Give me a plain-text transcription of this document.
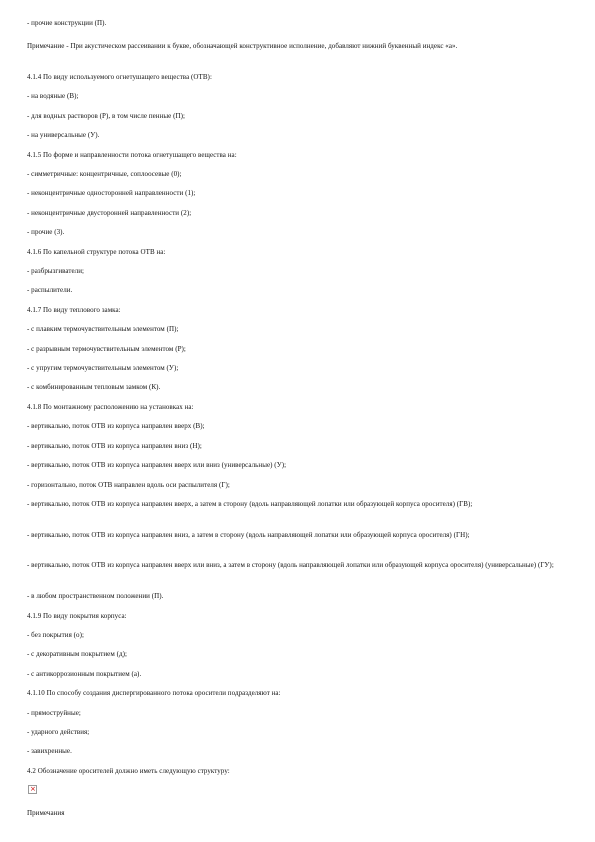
- прочие конструкции (П).
Примечание - При акустическом рассеивании к букве, обозначающей конструктивное исполнение, добавляют нижний буквенный индекс «а».
4.1.4 По виду используемого огнетушащего вещества (ОТВ):
- на водяные (В);
- для водных растворов (Р), в том числе пенные (П);
- на универсальные (У).
4.1.5 По форме и направленности потока огнетушащего вещества на:
- симметричные: концентричные, соплоосевые (0);
- неконцентричные односторонней направленности (1);
- неконцентричные двусторонней направленности (2);
- прочие (3).
4.1.6 По капельной структуре потока ОТВ на:
- разбрызгиватели;
- распылители.
4.1.7 По виду теплового замка:
- с плавким термочувствительным элементом (П);
- с разрывным термочувствительным элементом (Р);
- с упругим термочувствительным элементом (У);
- с комбинированным тепловым замком (К).
4.1.8 По монтажному расположению на установках на:
- вертикально, поток ОТВ из корпуса направлен вверх (В);
- вертикально, поток ОТВ из корпуса направлен вниз (Н);
- вертикально, поток ОТВ из корпуса направлен вверх или вниз (универсальные) (У);
- горизонтально, поток ОТВ направлен вдоль оси распылителя (Г);
- вертикально, поток ОТВ из корпуса направлен вверх, а затем в сторону (вдоль направляющей лопатки или образующей корпуса оросителя) (ГВ);
- вертикально, поток ОТВ из корпуса направлен вниз, а затем в сторону (вдоль направляющей лопатки или образующей корпуса оросителя) (ГН);
- вертикально, поток ОТВ из корпуса направлен вверх или вниз, а затем в сторону (вдоль направляющей лопатки или образующей корпуса оросителя) (универсальные) (ГУ);
- в любом пространственном положении (П).
4.1.9 По виду покрытия корпуса:
- без покрытия (о);
- с декоративным покрытием (д);
- с антикоррозионным покрытием (а).
4.1.10 По способу создания диспергированного потока оросители подразделяют на:
- прямоструйные;
- ударного действия;
- завихренные.
4.2 Обозначение оросителей должно иметь следующую структуру:
×
Примечания
